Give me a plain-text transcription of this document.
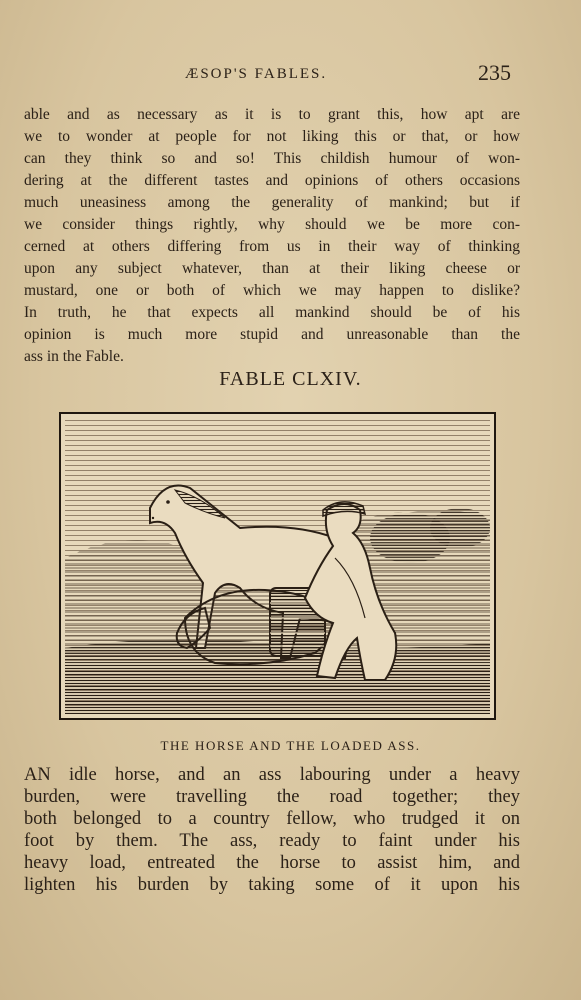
ÆSOP'S FABLES.	235
able and as necessary as it is to grant this, how apt are
we to wonder at people for not liking this or that, or how
can they think so and so! This childish humour of won-
dering at the different tastes and opinions of others occasions
much uneasiness among the generality of mankind; but if
we consider things rightly, why should we be more con-
cerned at others differing from us in their way of thinking
upon any subject whatever, than at their liking cheese or
mustard, one or both of which we may happen to dislike?
In truth, he that expects all mankind should be of his
opinion is much more stupid and unreasonable than the
ass in the Fable.
FABLE CLXIV.
THE HORSE AND THE LOADED ASS.
AN idle horse, and an ass labouring under a heavy
burden, were travelling the road together; they
both belonged to a country fellow, who trudged it on
foot by them. The ass, ready to faint under his
heavy load, entreated the horse to assist him, and
lighten his burden by taking some of it upon his
